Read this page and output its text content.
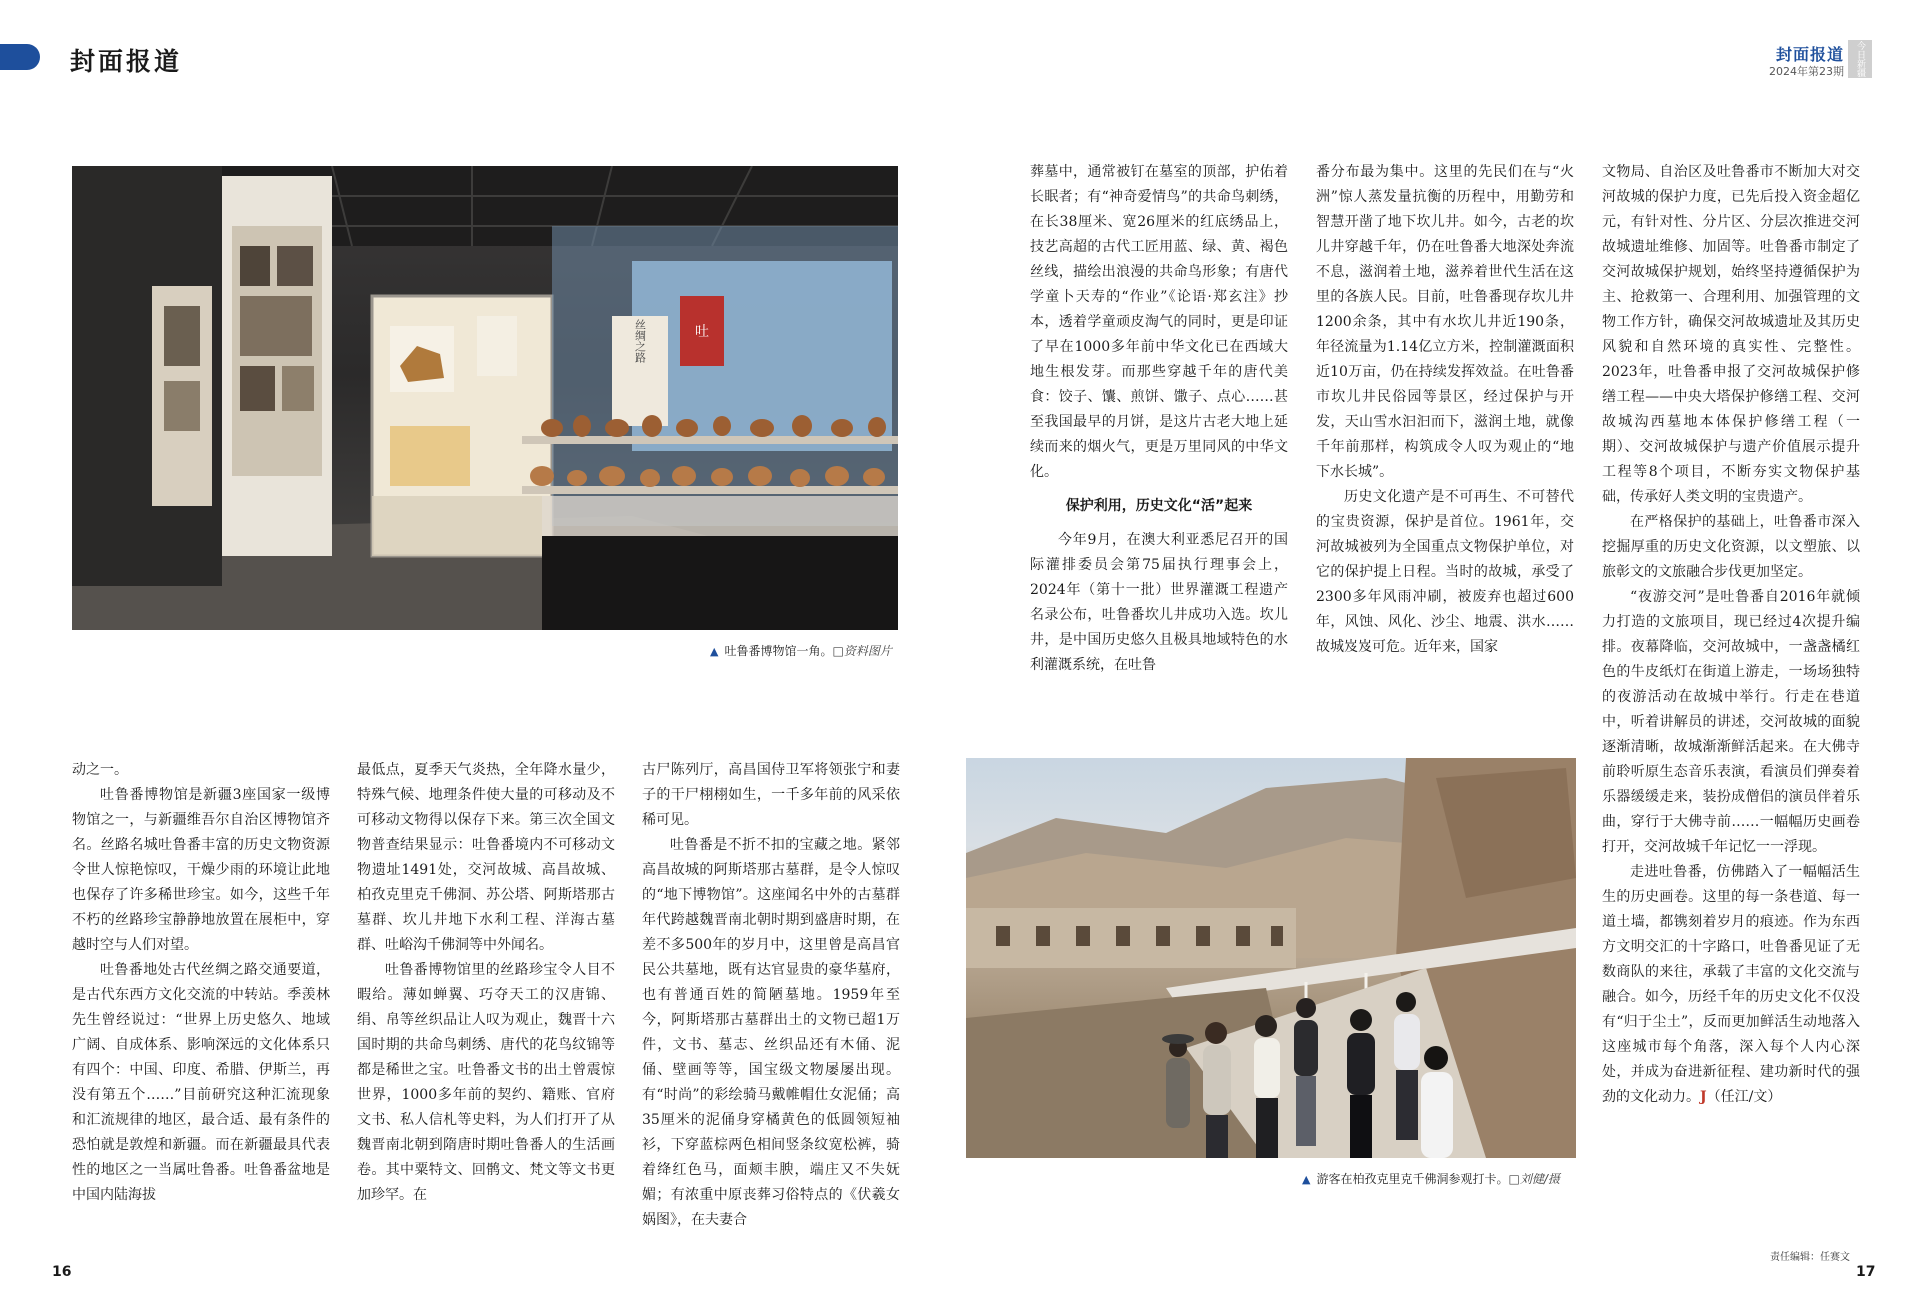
封面报道	封面报道
2024年第23期	今日新疆
吐
丝绸之路
▲ 吐鲁番博物馆一角。□资料图片
▲ 游客在柏孜克里克千佛洞参观打卡。□刘健/摄

动之一。

吐鲁番博物馆是新疆3座国家一级博物馆之一，与新疆维吾尔自治区博物馆齐名。丝路名城吐鲁番丰富的历史文物资源令世人惊艳惊叹，干燥少雨的环境让此地也保存了许多稀世珍宝。如今，这些千年不朽的丝路珍宝静静地放置在展柜中，穿越时空与人们对望。

吐鲁番地处古代丝绸之路交通要道，是古代东西方文化交流的中转站。季羡林先生曾经说过：“世界上历史悠久、地域广阔、自成体系、影响深远的文化体系只有四个：中国、印度、希腊、伊斯兰，再没有第五个……”目前研究这种汇流现象和汇流规律的地区，最合适、最有条件的恐怕就是敦煌和新疆。而在新疆最具代表性的地区之一当属吐鲁番。吐鲁番盆地是中国内陆海拔

最低点，夏季天气炎热，全年降水量少，特殊气候、地理条件使大量的可移动及不可移动文物得以保存下来。第三次全国文物普查结果显示：吐鲁番境内不可移动文物遗址1491处，交河故城、高昌故城、柏孜克里克千佛洞、苏公塔、阿斯塔那古墓群、坎儿井地下水利工程、洋海古墓群、吐峪沟千佛洞等中外闻名。

吐鲁番博物馆里的丝路珍宝令人目不暇给。薄如蝉翼、巧夺天工的汉唐锦、绢、帛等丝织品让人叹为观止，魏晋十六国时期的共命鸟刺绣、唐代的花鸟纹锦等都是稀世之宝。吐鲁番文书的出土曾震惊世界，1000多年前的契约、籍账、官府文书、私人信札等史料，为人们打开了从魏晋南北朝到隋唐时期吐鲁番人的生活画卷。其中粟特文、回鹘文、梵文等文书更加珍罕。在

古尸陈列厅，高昌国侍卫军将领张宁和妻子的干尸栩栩如生，一千多年前的风采依稀可见。

吐鲁番是不折不扣的宝藏之地。紧邻高昌故城的阿斯塔那古墓群，是令人惊叹的“地下博物馆”。这座闻名中外的古墓群年代跨越魏晋南北朝时期到盛唐时期，在差不多500年的岁月中，这里曾是高昌官民公共墓地，既有达官显贵的豪华墓府，也有普通百姓的简陋墓地。1959年至今，阿斯塔那古墓群出土的文物已超1万件，文书、墓志、丝织品还有木俑、泥俑、壁画等等，国宝级文物屡屡出现。有“时尚”的彩绘骑马戴帷帽仕女泥俑；高35厘米的泥俑身穿橘黄色的低圆领短袖衫，下穿蓝棕两色相间竖条纹宽松裤，骑着绛红色马，面颊丰腴，端庄又不失妩媚；有浓重中原丧葬习俗特点的《伏羲女娲图》，在夫妻合

葬墓中，通常被钉在墓室的顶部，护佑着长眠者；有“神奇爱情鸟”的共命鸟刺绣，在长38厘米、宽26厘米的红底绣品上，技艺高超的古代工匠用蓝、绿、黄、褐色丝线，描绘出浪漫的共命鸟形象；有唐代学童卜天寿的“作业”《论语·郑玄注》抄本，透着学童顽皮淘气的同时，更是印证了早在1000多年前中华文化已在西域大地生根发芽。而那些穿越千年的唐代美食：饺子、馕、煎饼、馓子、点心……甚至我国最早的月饼，是这片古老大地上延续而来的烟火气，更是万里同风的中华文化。

保护利用，历史文化“活”起来

今年9月，在澳大利亚悉尼召开的国际灌排委员会第75届执行理事会上，2024年（第十一批）世界灌溉工程遗产名录公布，吐鲁番坎儿井成功入选。坎儿井，是中国历史悠久且极具地域特色的水利灌溉系统，在吐鲁

番分布最为集中。这里的先民们在与“火洲”惊人蒸发量抗衡的历程中，用勤劳和智慧开凿了地下坎儿井。如今，古老的坎儿井穿越千年，仍在吐鲁番大地深处奔流不息，滋润着土地，滋养着世代生活在这里的各族人民。目前，吐鲁番现存坎儿井1200余条，其中有水坎儿井近190条，年径流量为1.14亿立方米，控制灌溉面积近10万亩，仍在持续发挥效益。在吐鲁番市坎儿井民俗园等景区，经过保护与开发，天山雪水汩汩而下，滋润土地，就像千年前那样，构筑成令人叹为观止的“地下水长城”。

历史文化遗产是不可再生、不可替代的宝贵资源，保护是首位。1961年，交河故城被列为全国重点文物保护单位，对它的保护提上日程。当时的故城，承受了2300多年风雨冲刷，被废弃也超过600年，风蚀、风化、沙尘、地震、洪水……故城岌岌可危。近年来，国家

文物局、自治区及吐鲁番市不断加大对交河故城的保护力度，已先后投入资金超亿元，有针对性、分片区、分层次推进交河故城遗址维修、加固等。吐鲁番市制定了交河故城保护规划，始终坚持遵循保护为主、抢救第一、合理利用、加强管理的文物工作方针，确保交河故城遗址及其历史风貌和自然环境的真实性、完整性。2023年，吐鲁番申报了交河故城保护修缮工程——中央大塔保护修缮工程、交河故城沟西墓地本体保护修缮工程（一期）、交河故城保护与遗产价值展示提升工程等8个项目，不断夯实文物保护基础，传承好人类文明的宝贵遗产。

在严格保护的基础上，吐鲁番市深入挖掘厚重的历史文化资源，以文塑旅、以旅彰文的文旅融合步伐更加坚定。

“夜游交河”是吐鲁番自2016年就倾力打造的文旅项目，现已经过4次提升编排。夜幕降临，交河故城中，一盏盏橘红色的牛皮纸灯在街道上游走，一场场独特的夜游活动在故城中举行。行走在巷道中，听着讲解员的讲述，交河故城的面貌逐渐清晰，故城渐渐鲜活起来。在大佛寺前聆听原生态音乐表演，看演员们弹奏着乐器缓缓走来，装扮成僧侣的演员伴着乐曲，穿行于大佛寺前……一幅幅历史画卷打开，交河故城千年记忆一一浮现。

走进吐鲁番，仿佛踏入了一幅幅活生生的历史画卷。这里的每一条巷道、每一道土墙，都镌刻着岁月的痕迹。作为东西方文明交汇的十字路口，吐鲁番见证了无数商队的来往，承载了丰富的文化交流与融合。如今，历经千年的历史文化不仅没有“归于尘土”，反而更加鲜活生动地落入这座城市每个角落，深入每个人内心深处，并成为奋进新征程、建功新时代的强劲的文化动力。J（任江/文）

16	17
责任编辑：任赛文
